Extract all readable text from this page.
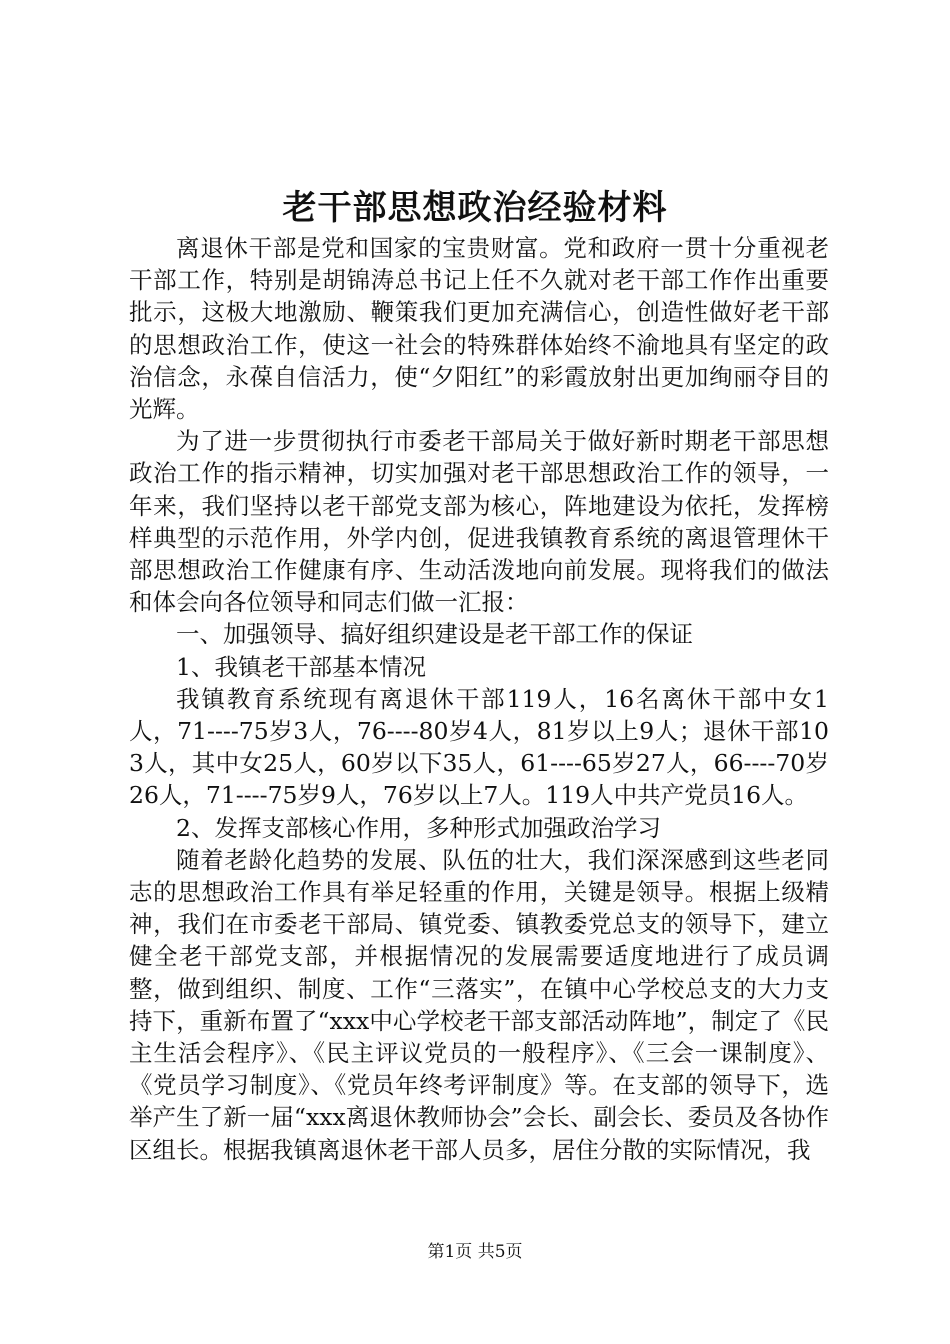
老干部思想政治经验材料

离退休干部是党和国家的宝贵财富。党和政府一贯十分重视老干部工作，特别是胡锦涛总书记上任不久就对老干部工作作出重要批示，这极大地激励、鞭策我们更加充满信心，创造性做好老干部的思想政治工作，使这一社会的特殊群体始终不渝地具有坚定的政治信念，永葆自信活力，使“夕阳红”的彩霞放射出更加绚丽夺目的光辉。

为了进一步贯彻执行市委老干部局关于做好新时期老干部思想政治工作的指示精神，切实加强对老干部思想政治工作的领导，一年来，我们坚持以老干部党支部为核心，阵地建设为依托，发挥榜样典型的示范作用，外学内创，促进我镇教育系统的离退管理休干部思想政治工作健康有序、生动活泼地向前发展。现将我们的做法和体会向各位领导和同志们做一汇报：

一、加强领导、搞好组织建设是老干部工作的保证

1、我镇老干部基本情况

我镇教育系统现有离退休干部119人，16名离休干部中女1人，71----75岁3人，76----80岁4人，81岁以上9人；退休干部103人，其中女25人，60岁以下35人，61----65岁27人，66----70岁26人，71----75岁9人，76岁以上7人。119人中共产党员16人。

2、发挥支部核心作用，多种形式加强政治学习

随着老龄化趋势的发展、队伍的壮大，我们深深感到这些老同志的思想政治工作具有举足轻重的作用，关键是领导。根据上级精神，我们在市委老干部局、镇党委、镇教委党总支的领导下，建立健全老干部党支部，并根据情况的发展需要适度地进行了成员调整，做到组织、制度、工作“三落实”，在镇中心学校总支的大力支持下，重新布置了“xxx中心学校老干部支部活动阵地”，制定了《民主生活会程序》、《民主评议党员的一般程序》、《三会一课制度》、《党员学习制度》、《党员年终考评制度》等。在支部的领导下，选举产生了新一届“xxx离退休教师协会”会长、副会长、委员及各协作区组长。根据我镇离退休老干部人员多，居住分散的实际情况，我

第1页 共5页
